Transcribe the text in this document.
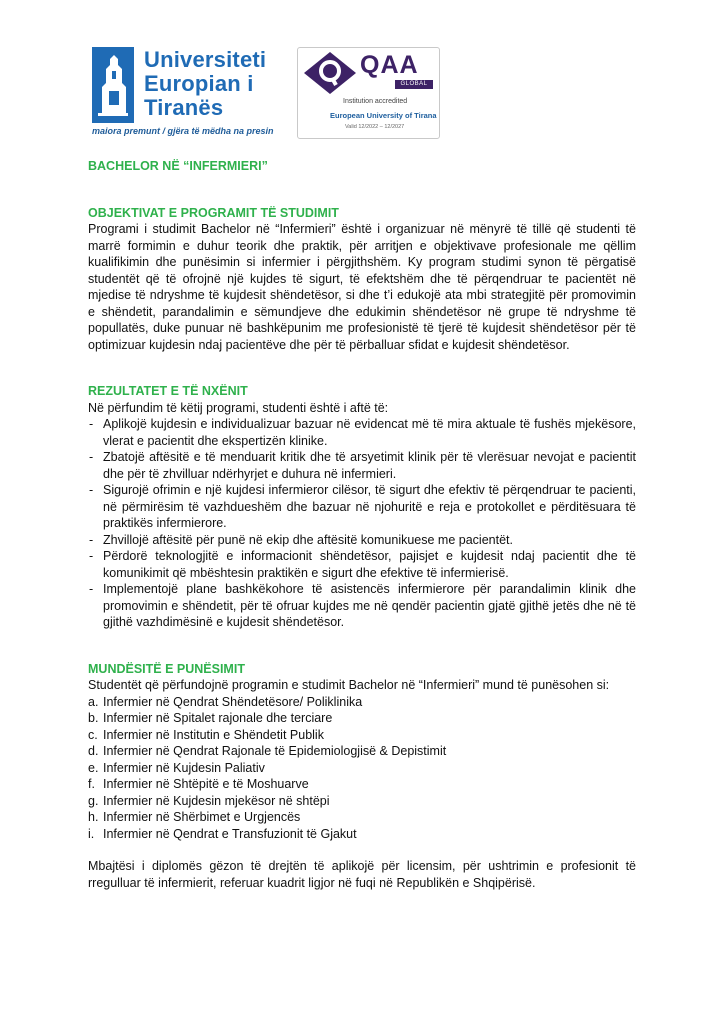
Universiteti
Europian i
Tiranës
maiora premunt / gjëra të mëdha na presin
QAA
GLOBAL
Institution accredited
European University of Tirana
Valid 12/2022 – 12/2027
BACHELOR NË “INFERMIERI”
OBJEKTIVAT E PROGRAMIT TË STUDIMIT

Programi i studimit Bachelor në “Infermieri” është i organizuar në mënyrë të tillë që studenti të marrë formimin e duhur teorik dhe praktik, për arritjen e objektivave profesionale me qëllim kualifikimin dhe punësimin si infermier i përgjithshëm. Ky program studimi synon të përgatisë studentët që të ofrojnë një kujdes të sigurt, të efektshëm dhe të përqendruar te pacientët në mjedise të ndryshme të kujdesit shëndetësor, si dhe t’i edukojë ata mbi strategjitë për promovimin e shëndetit, parandalimin e sëmundjeve dhe edukimin shëndetësor në grupe të ndryshme të popullatës, duke punuar në bashkëpunim me profesionistë të tjerë të kujdesit shëndetësor për të optimizuar kujdesin ndaj pacientëve dhe për të përballuar sfidat e kujdesit shëndetësor.

REZULTATET E TË NXËNIT

Në përfundim të këtij programi, studenti është i aftë të:

- Aplikojë kujdesin e individualizuar bazuar në evidencat më të mira aktuale të fushës mjekësore, vlerat e pacientit dhe ekspertizën klinike.
- Zbatojë aftësitë e të menduarit kritik dhe të arsyetimit klinik për të vlerësuar nevojat e pacientit dhe për të zhvilluar ndërhyrjet e duhura në infermieri.
- Sigurojë ofrimin e një kujdesi infermieror cilësor, të sigurt dhe efektiv të përqendruar te pacienti, në përmirësim të vazhdueshëm dhe bazuar në njohuritë e reja e protokollet e përditësuara të praktikës infermierore.
- Zhvillojë aftësitë për punë në ekip dhe aftësitë komunikuese me pacientët.
- Përdorë teknologjitë e informacionit shëndetësor, pajisjet e kujdesit ndaj pacientit dhe të komunikimit që mbështesin praktikën e sigurt dhe efektive të infermierisë.
- Implementojë plane bashkëkohore të asistencës infermierore për parandalimin klinik dhe promovimin e shëndetit, për të ofruar kujdes me në qendër pacientin gjatë gjithë jetës dhe në të gjithë vazhdimësinë e kujdesit shëndetësor.
MUNDËSITË E PUNËSIMIT

Studentët që përfundojnë programin e studimit Bachelor në “Infermieri” mund të punësohen si:

a. Infermier në Qendrat Shëndetësore/ Poliklinika
b. Infermier në Spitalet rajonale dhe terciare
c. Infermier në Institutin e Shëndetit Publik
d. Infermier në Qendrat Rajonale të Epidemiologjisë & Depistimit
e. Infermier në Kujdesin Paliativ
f. Infermier në Shtëpitë e të Moshuarve
g. Infermier në Kujdesin mjekësor në shtëpi
h. Infermier në Shërbimet e Urgjencës
i. Infermier në Qendrat e Transfuzionit të Gjakut

Mbajtësi i diplomës gëzon të drejtën të aplikojë për licensim, për ushtrimin e profesionit të rregulluar të infermierit, referuar kuadrit ligjor në fuqi në Republikën e Shqipërisë.
